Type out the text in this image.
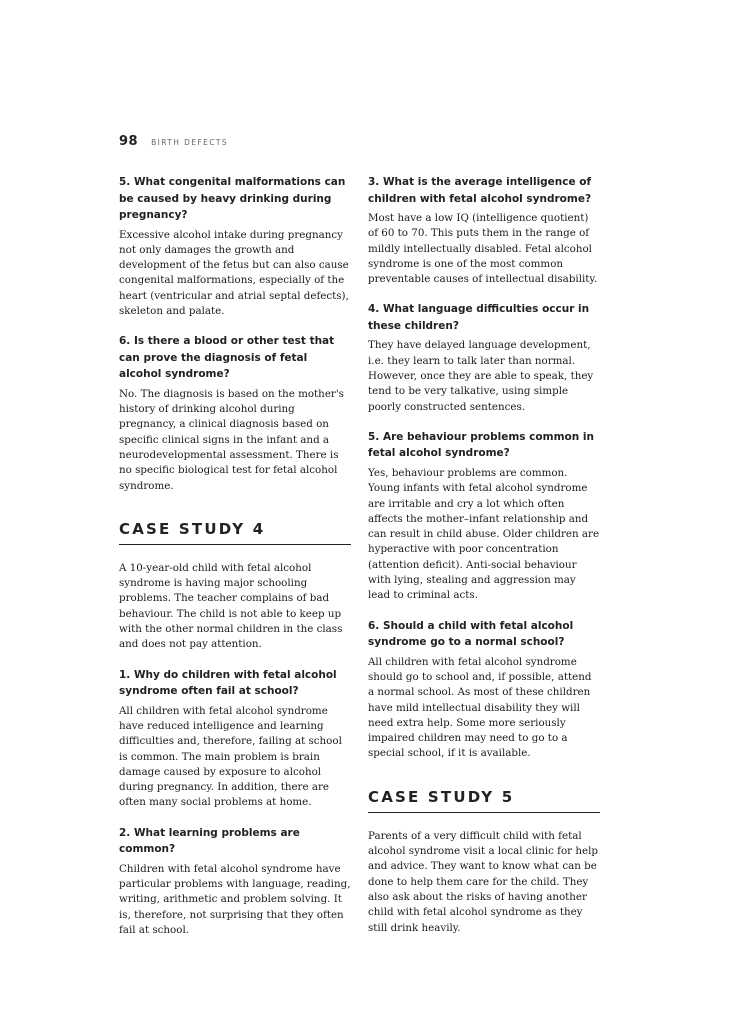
98 BIRTH DEFECTS

5. What congenital malformations can be caused by heavy drinking during pregnancy?

Excessive alcohol intake during pregnancy not only damages the growth and development of the fetus but can also cause congenital malformations, especially of the heart (ventricular and atrial septal defects), skeleton and palate.

6. Is there a blood or other test that can prove the diagnosis of fetal alcohol syndrome?

No. The diagnosis is based on the mother's history of drinking alcohol during pregnancy, a clinical diagnosis based on specific clinical signs in the infant and a neurodevelopmental assessment. There is no specific biological test for fetal alcohol syndrome.

CASE STUDY 4

A 10-year-old child with fetal alcohol syndrome is having major schooling problems. The teacher complains of bad behaviour. The child is not able to keep up with the other normal children in the class and does not pay attention.

1. Why do children with fetal alcohol syndrome often fail at school?

All children with fetal alcohol syndrome have reduced intelligence and learning difficulties and, therefore, failing at school is common. The main problem is brain damage caused by exposure to alcohol during pregnancy. In addition, there are often many social problems at home.

2. What learning problems are common?

Children with fetal alcohol syndrome have particular problems with language, reading, writing, arithmetic and problem solving. It is, therefore, not surprising that they often fail at school.

3. What is the average intelligence of children with fetal alcohol syndrome?

Most have a low IQ (intelligence quotient) of 60 to 70. This puts them in the range of mildly intellectually disabled. Fetal alcohol syndrome is one of the most common preventable causes of intellectual disability.

4. What language difficulties occur in these children?

They have delayed language development, i.e. they learn to talk later than normal. However, once they are able to speak, they tend to be very talkative, using simple poorly constructed sentences.

5. Are behaviour problems common in fetal alcohol syndrome?

Yes, behaviour problems are common. Young infants with fetal alcohol syndrome are irritable and cry a lot which often affects the mother–infant relationship and can result in child abuse. Older children are hyperactive with poor concentration (attention deficit). Anti-social behaviour with lying, stealing and aggression may lead to criminal acts.

6. Should a child with fetal alcohol syndrome go to a normal school?

All children with fetal alcohol syndrome should go to school and, if possible, attend a normal school. As most of these children have mild intellectual disability they will need extra help. Some more seriously impaired children may need to go to a special school, if it is available.

CASE STUDY 5

Parents of a very difficult child with fetal alcohol syndrome visit a local clinic for help and advice. They want to know what can be done to help them care for the child. They also ask about the risks of having another child with fetal alcohol syndrome as they still drink heavily.
